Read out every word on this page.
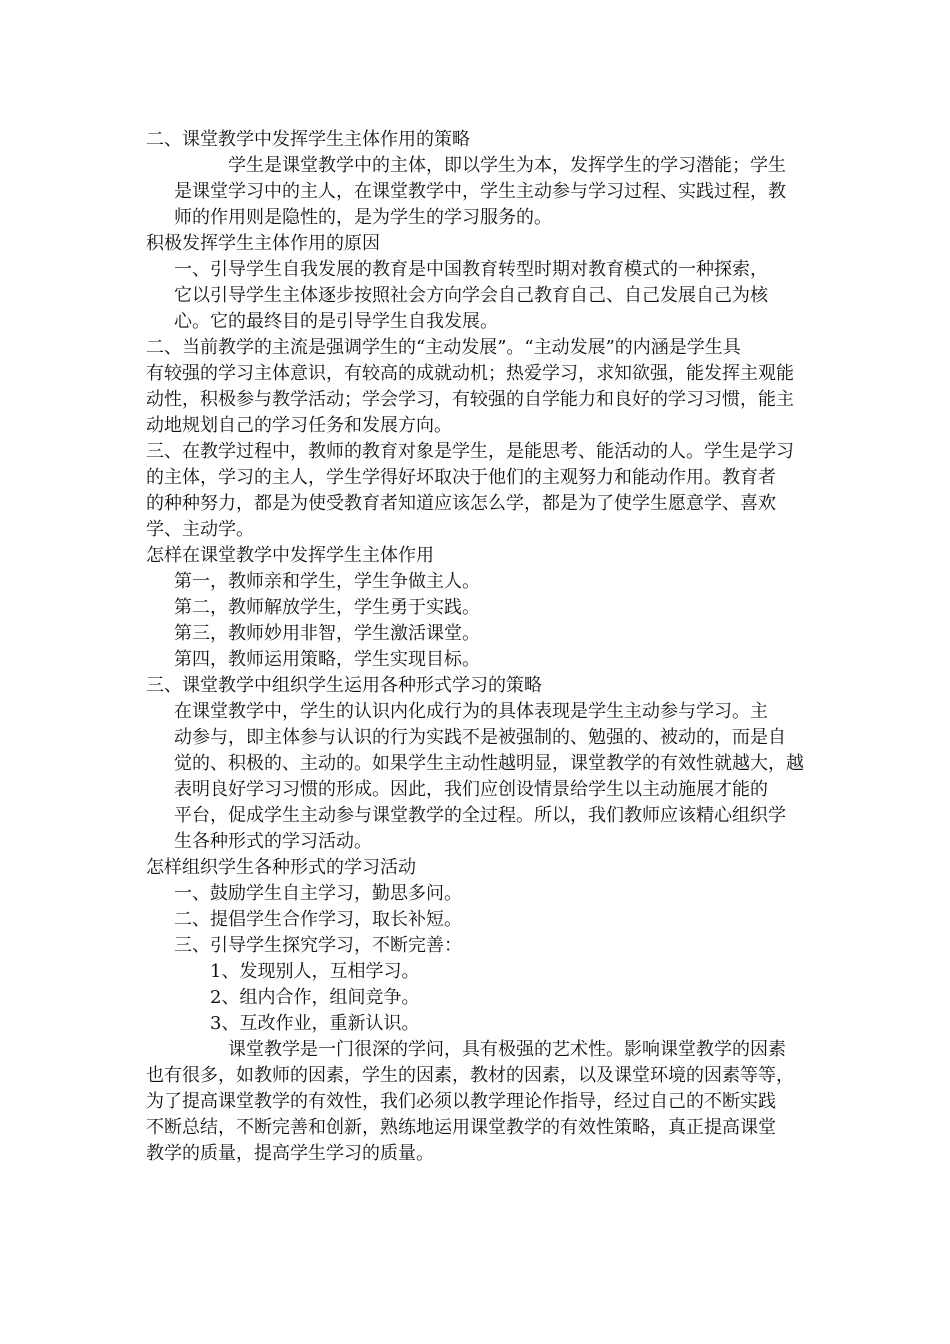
二、课堂教学中发挥学生主体作用的策略

学生是课堂教学中的主体，即以学生为本，发挥学生的学习潜能；学生

是课堂学习中的主人，在课堂教学中，学生主动参与学习过程、实践过程，教

师的作用则是隐性的，是为学生的学习服务的。

积极发挥学生主体作用的原因

一、引导学生自我发展的教育是中国教育转型时期对教育模式的一种探索，

它以引导学生主体逐步按照社会方向学会自己教育自己、自己发展自己为核

心。它的最终目的是引导学生自我发展。

二、当前教学的主流是强调学生的“主动发展”。“主动发展”的内涵是学生具

有较强的学习主体意识，有较高的成就动机；热爱学习，求知欲强，能发挥主观能

动性，积极参与教学活动；学会学习，有较强的自学能力和良好的学习习惯，能主

动地规划自己的学习任务和发展方向。

三、在教学过程中，教师的教育对象是学生，是能思考、能活动的人。学生是学习

的主体，学习的主人，学生学得好坏取决于他们的主观努力和能动作用。教育者

的种种努力，都是为使受教育者知道应该怎么学，都是为了使学生愿意学、喜欢

学、主动学。

怎样在课堂教学中发挥学生主体作用

第一，教师亲和学生，学生争做主人。

第二，教师解放学生，学生勇于实践。

第三，教师妙用非智，学生激活课堂。

第四，教师运用策略，学生实现目标。

三、课堂教学中组织学生运用各种形式学习的策略

在课堂教学中，学生的认识内化成行为的具体表现是学生主动参与学习。主

动参与，即主体参与认识的行为实践不是被强制的、勉强的、被动的，而是自

觉的、积极的、主动的。如果学生主动性越明显，课堂教学的有效性就越大，越

表明良好学习习惯的形成。因此，我们应创设情景给学生以主动施展才能的

平台，促成学生主动参与课堂教学的全过程。所以，我们教师应该精心组织学

生各种形式的学习活动。

怎样组织学生各种形式的学习活动

一、鼓励学生自主学习，勤思多问。

二、提倡学生合作学习，取长补短。

三、引导学生探究学习，不断完善：

1、发现别人，互相学习。

2、组内合作，组间竞争。

3、互改作业，重新认识。

课堂教学是一门很深的学问，具有极强的艺术性。影响课堂教学的因素

也有很多，如教师的因素，学生的因素，教材的因素，以及课堂环境的因素等等，

为了提高课堂教学的有效性，我们必须以教学理论作指导，经过自己的不断实践

不断总结，不断完善和创新，熟练地运用课堂教学的有效性策略，真正提高课堂

教学的质量，提高学生学习的质量。
